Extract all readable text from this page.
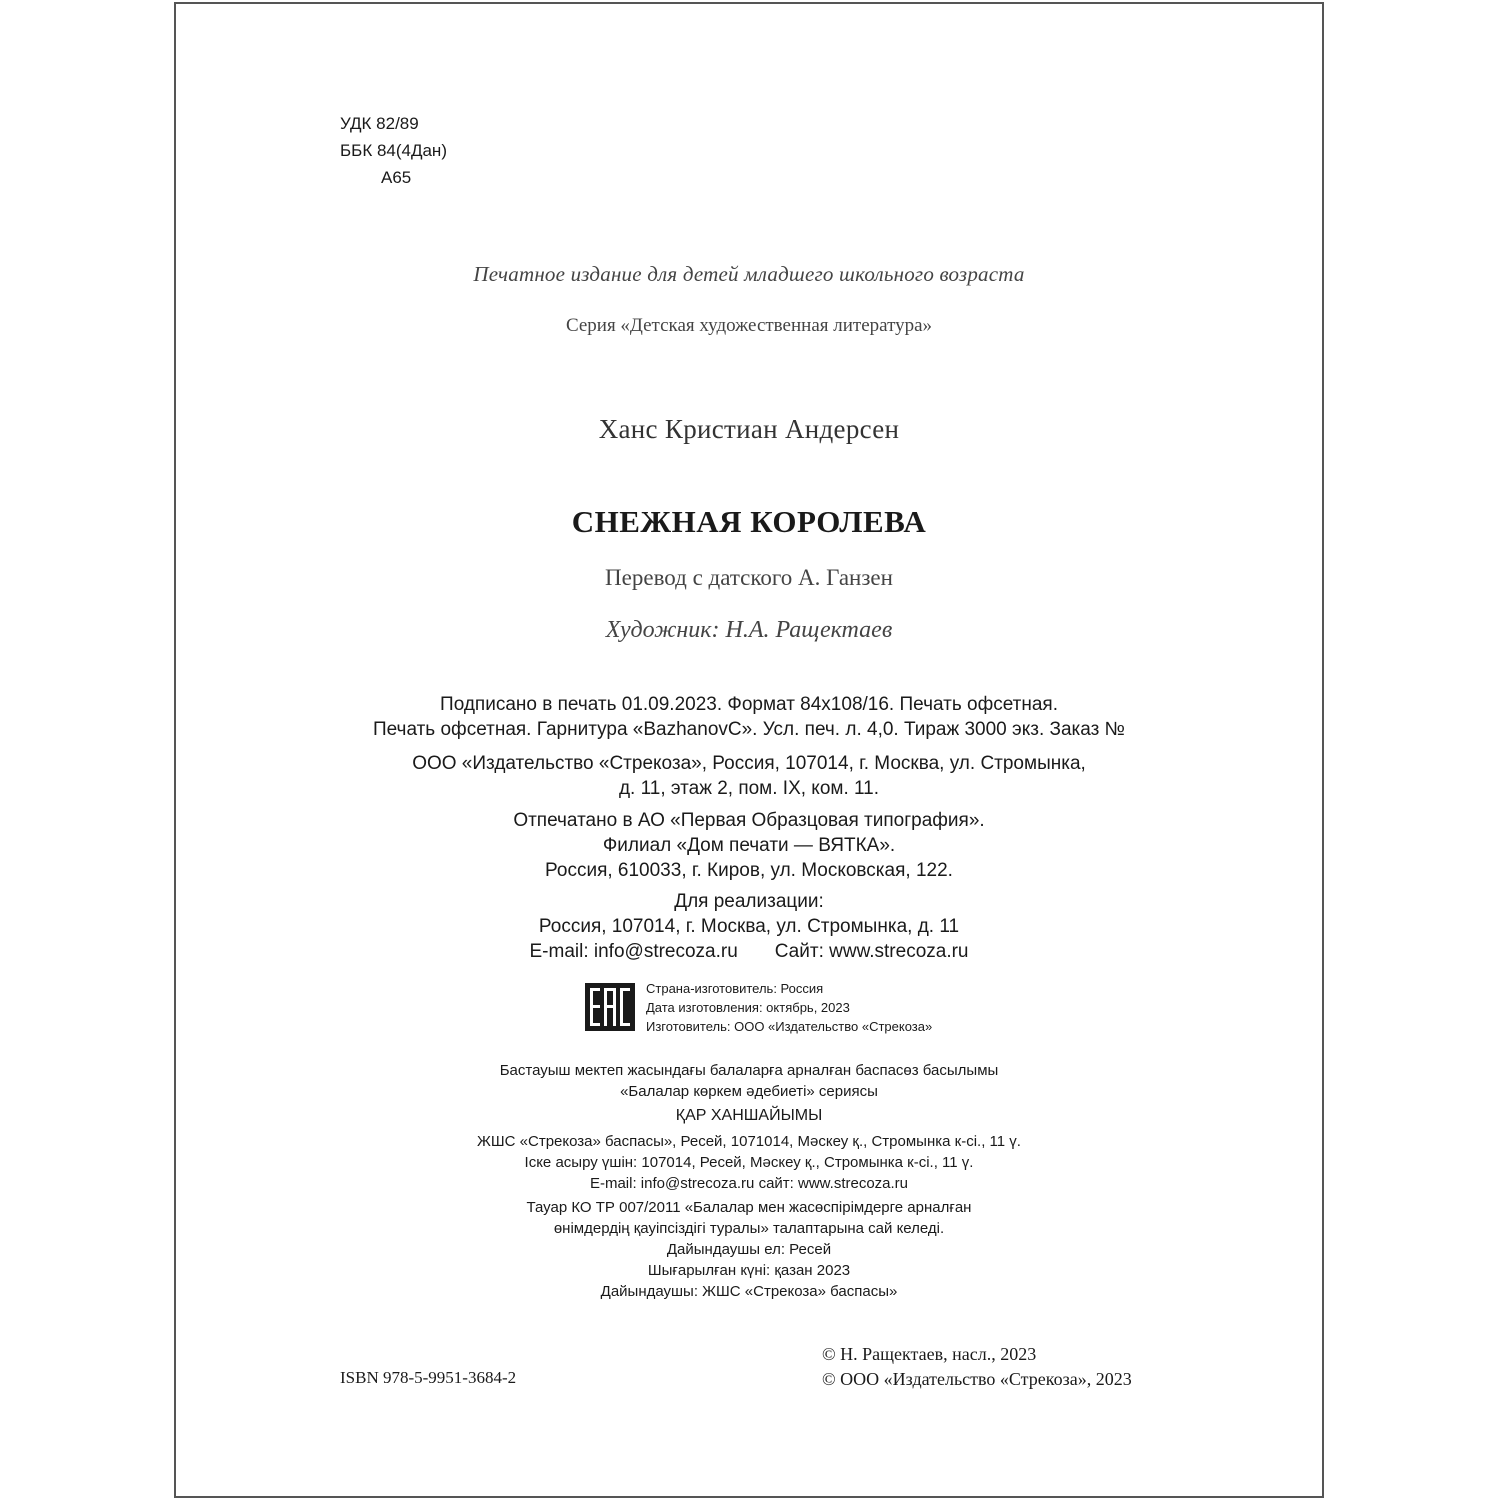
УДК 82/89
ББК 84(4Дан)
А65
Печатное издание для детей младшего школьного возраста
Серия «Детская художественная литература»
Ханс Кристиан Андерсен
СНЕЖНАЯ КОРОЛЕВА
Перевод с датского А. Ганзен
Художник: Н.А. Ращектаев
Подписано в печать 01.09.2023. Формат 84x108/16. Печать офсетная.
Печать офсетная. Гарнитура «BazhanovC». Усл. печ. л. 4,0. Тираж 3000 экз. Заказ №
ООО «Издательство «Стрекоза», Россия, 107014, г. Москва, ул. Стромынка,
д. 11, этаж 2, пом. IX, ком. 11.
Отпечатано в АО «Первая Образцовая типография».
Филиал «Дом печати — ВЯТКА».
Россия, 610033, г. Киров, ул. Московская, 122.
Для реализации:
Россия, 107014, г. Москва, ул. Стромынка, д. 11
E-mail: info@strecoza.ru       Сайт: www.strecoza.ru
Страна-изготовитель: Россия
Дата изготовления: октябрь, 2023
Изготовитель: ООО «Издательство «Стрекоза»
Бастауыш мектеп жасындағы балаларға арналған баспасөз басылымы
«Балалар көркем әдебиеті» сериясы
ҚАР ХАНШАЙЫМЫ
ЖШС «Стрекоза» баспасы», Ресей, 1071014, Мәскеу қ., Стромынка к-сі., 11 ү.
Іске асыру үшін: 107014, Ресей, Мәскеу қ., Стромынка к-сі., 11 ү.
E-mail: info@strecoza.ru сайт: www.strecoza.ru
Тауар КО ТР 007/2011 «Балалар мен жасөспірімдерге арналған
өнімдердің қауіпсіздігі туралы» талаптарына сай келеді.
Дайындаушы ел: Ресей
Шығарылған күні: қазан 2023
Дайындаушы: ЖШС «Стрекоза» баспасы»
ISBN 978-5-9951-3684-2
© Н. Ращектаев, насл., 2023
© ООО «Издательство «Стрекоза», 2023
